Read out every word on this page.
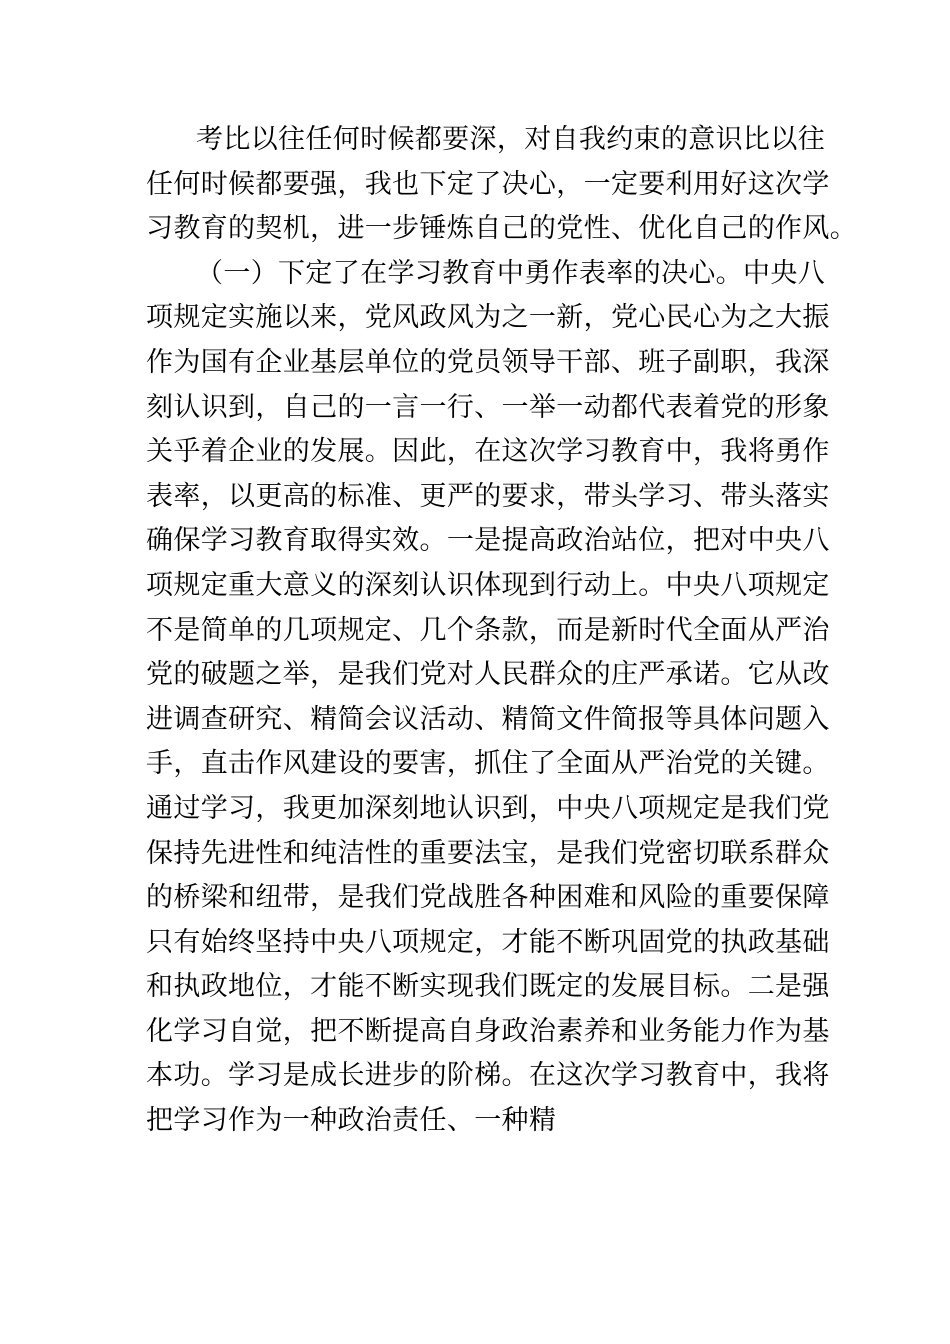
考比以往任何时候都要深，对自我约束的意识比以往
任何时候都要强，我也下定了决心，一定要利用好这次学
习教育的契机，进一步锤炼自己的党性、优化自己的作风。
（一）下定了在学习教育中勇作表率的决心。中央八
项规定实施以来，党风政风为之一新，党心民心为之大振
作为国有企业基层单位的党员领导干部、班子副职，我深
刻认识到，自己的一言一行、一举一动都代表着党的形象
关乎着企业的发展。因此，在这次学习教育中，我将勇作
表率，以更高的标准、更严的要求，带头学习、带头落实
确保学习教育取得实效。一是提高政治站位，把对中央八
项规定重大意义的深刻认识体现到行动上。中央八项规定
不是简单的几项规定、几个条款，而是新时代全面从严治
党的破题之举，是我们党对人民群众的庄严承诺。它从改
进调查研究、精简会议活动、精简文件简报等具体问题入
手，直击作风建设的要害，抓住了全面从严治党的关键。
通过学习，我更加深刻地认识到，中央八项规定是我们党
保持先进性和纯洁性的重要法宝，是我们党密切联系群众
的桥梁和纽带，是我们党战胜各种困难和风险的重要保障
只有始终坚持中央八项规定，才能不断巩固党的执政基础
和执政地位，才能不断实现我们既定的发展目标。二是强
化学习自觉，把不断提高自身政治素养和业务能力作为基
本功。学习是成长进步的阶梯。在这次学习教育中，我将
把学习作为一种政治责任、一种精
